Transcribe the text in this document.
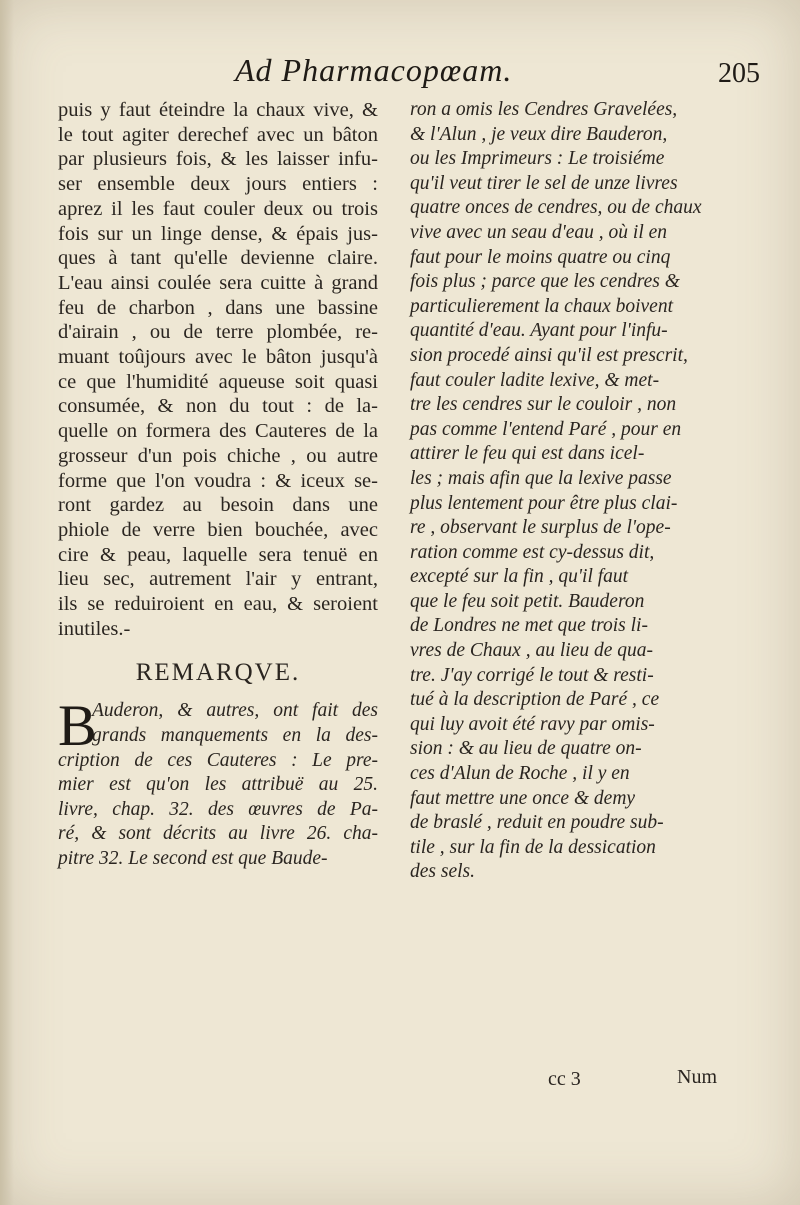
Ad Pharmacopœam.	205
puis y faut éteindre la chaux vive, &
le tout agiter derechef avec un bâton
par plusieurs fois, & les laisser infu-
ser ensemble deux jours entiers :
aprez il les faut couler deux ou trois
fois sur un linge dense, & épais jus-
ques à tant qu'elle devienne claire.
L'eau ainsi coulée sera cuitte à grand
feu de charbon , dans une bassine
d'airain , ou de terre plombée, re-
muant toûjours avec le bâton jusqu'à
ce que l'humidité aqueuse soit quasi
consumée, & non du tout : de la-
quelle on formera des Cauteres de la
grosseur d'un pois chiche , ou autre
forme que l'on voudra : & iceux se-
ront gardez au besoin dans une
phiole de verre bien bouchée, avec
cire & peau, laquelle sera tenuë en
lieu sec, autrement l'air y entrant,
ils se reduiroient en eau, & seroient
inutiles.-
REMARQVE.
B
Auderon, & autres, ont fait des
grands manquements en la des-
cription de ces Cauteres : Le pre-
mier est qu'on les attribuë au 25.
livre, chap. 32. des œuvres de Pa-
ré, & sont décrits au livre 26. cha-
pitre 32. Le second est que Baude-
ron a omis les Cendres Gravelées,
& l'Alun , je veux dire Bauderon,
ou les Imprimeurs : Le troisiéme
qu'il veut tirer le sel de unze livres
quatre onces de cendres, ou de chaux
vive avec un seau d'eau , où il en
faut pour le moins quatre ou cinq
fois plus ; parce que les cendres &
particulierement la chaux boivent
quantité d'eau. Ayant pour l'infu-
sion procedé ainsi qu'il est prescrit,
faut couler ladite lexive, & met-
tre les cendres sur le couloir , non
pas comme l'entend Paré , pour en
attirer le feu qui est dans icel-
les ; mais afin que la lexive passe
plus lentement pour être plus clai-
re , observant le surplus de l'ope-
ration comme est cy-dessus dit,
excepté sur la fin , qu'il faut
que le feu soit petit. Bauderon
de Londres ne met que trois li-
vres de Chaux , au lieu de qua-
tre. J'ay corrigé le tout & resti-
tué à la description de Paré , ce
qui luy avoit été ravy par omis-
sion : & au lieu de quatre on-
ces d'Alun de Roche , il y en
faut mettre une once & demy
de braslé , reduit en poudre sub-
tile , sur la fin de la dessication
des sels.
cc 3	Num
